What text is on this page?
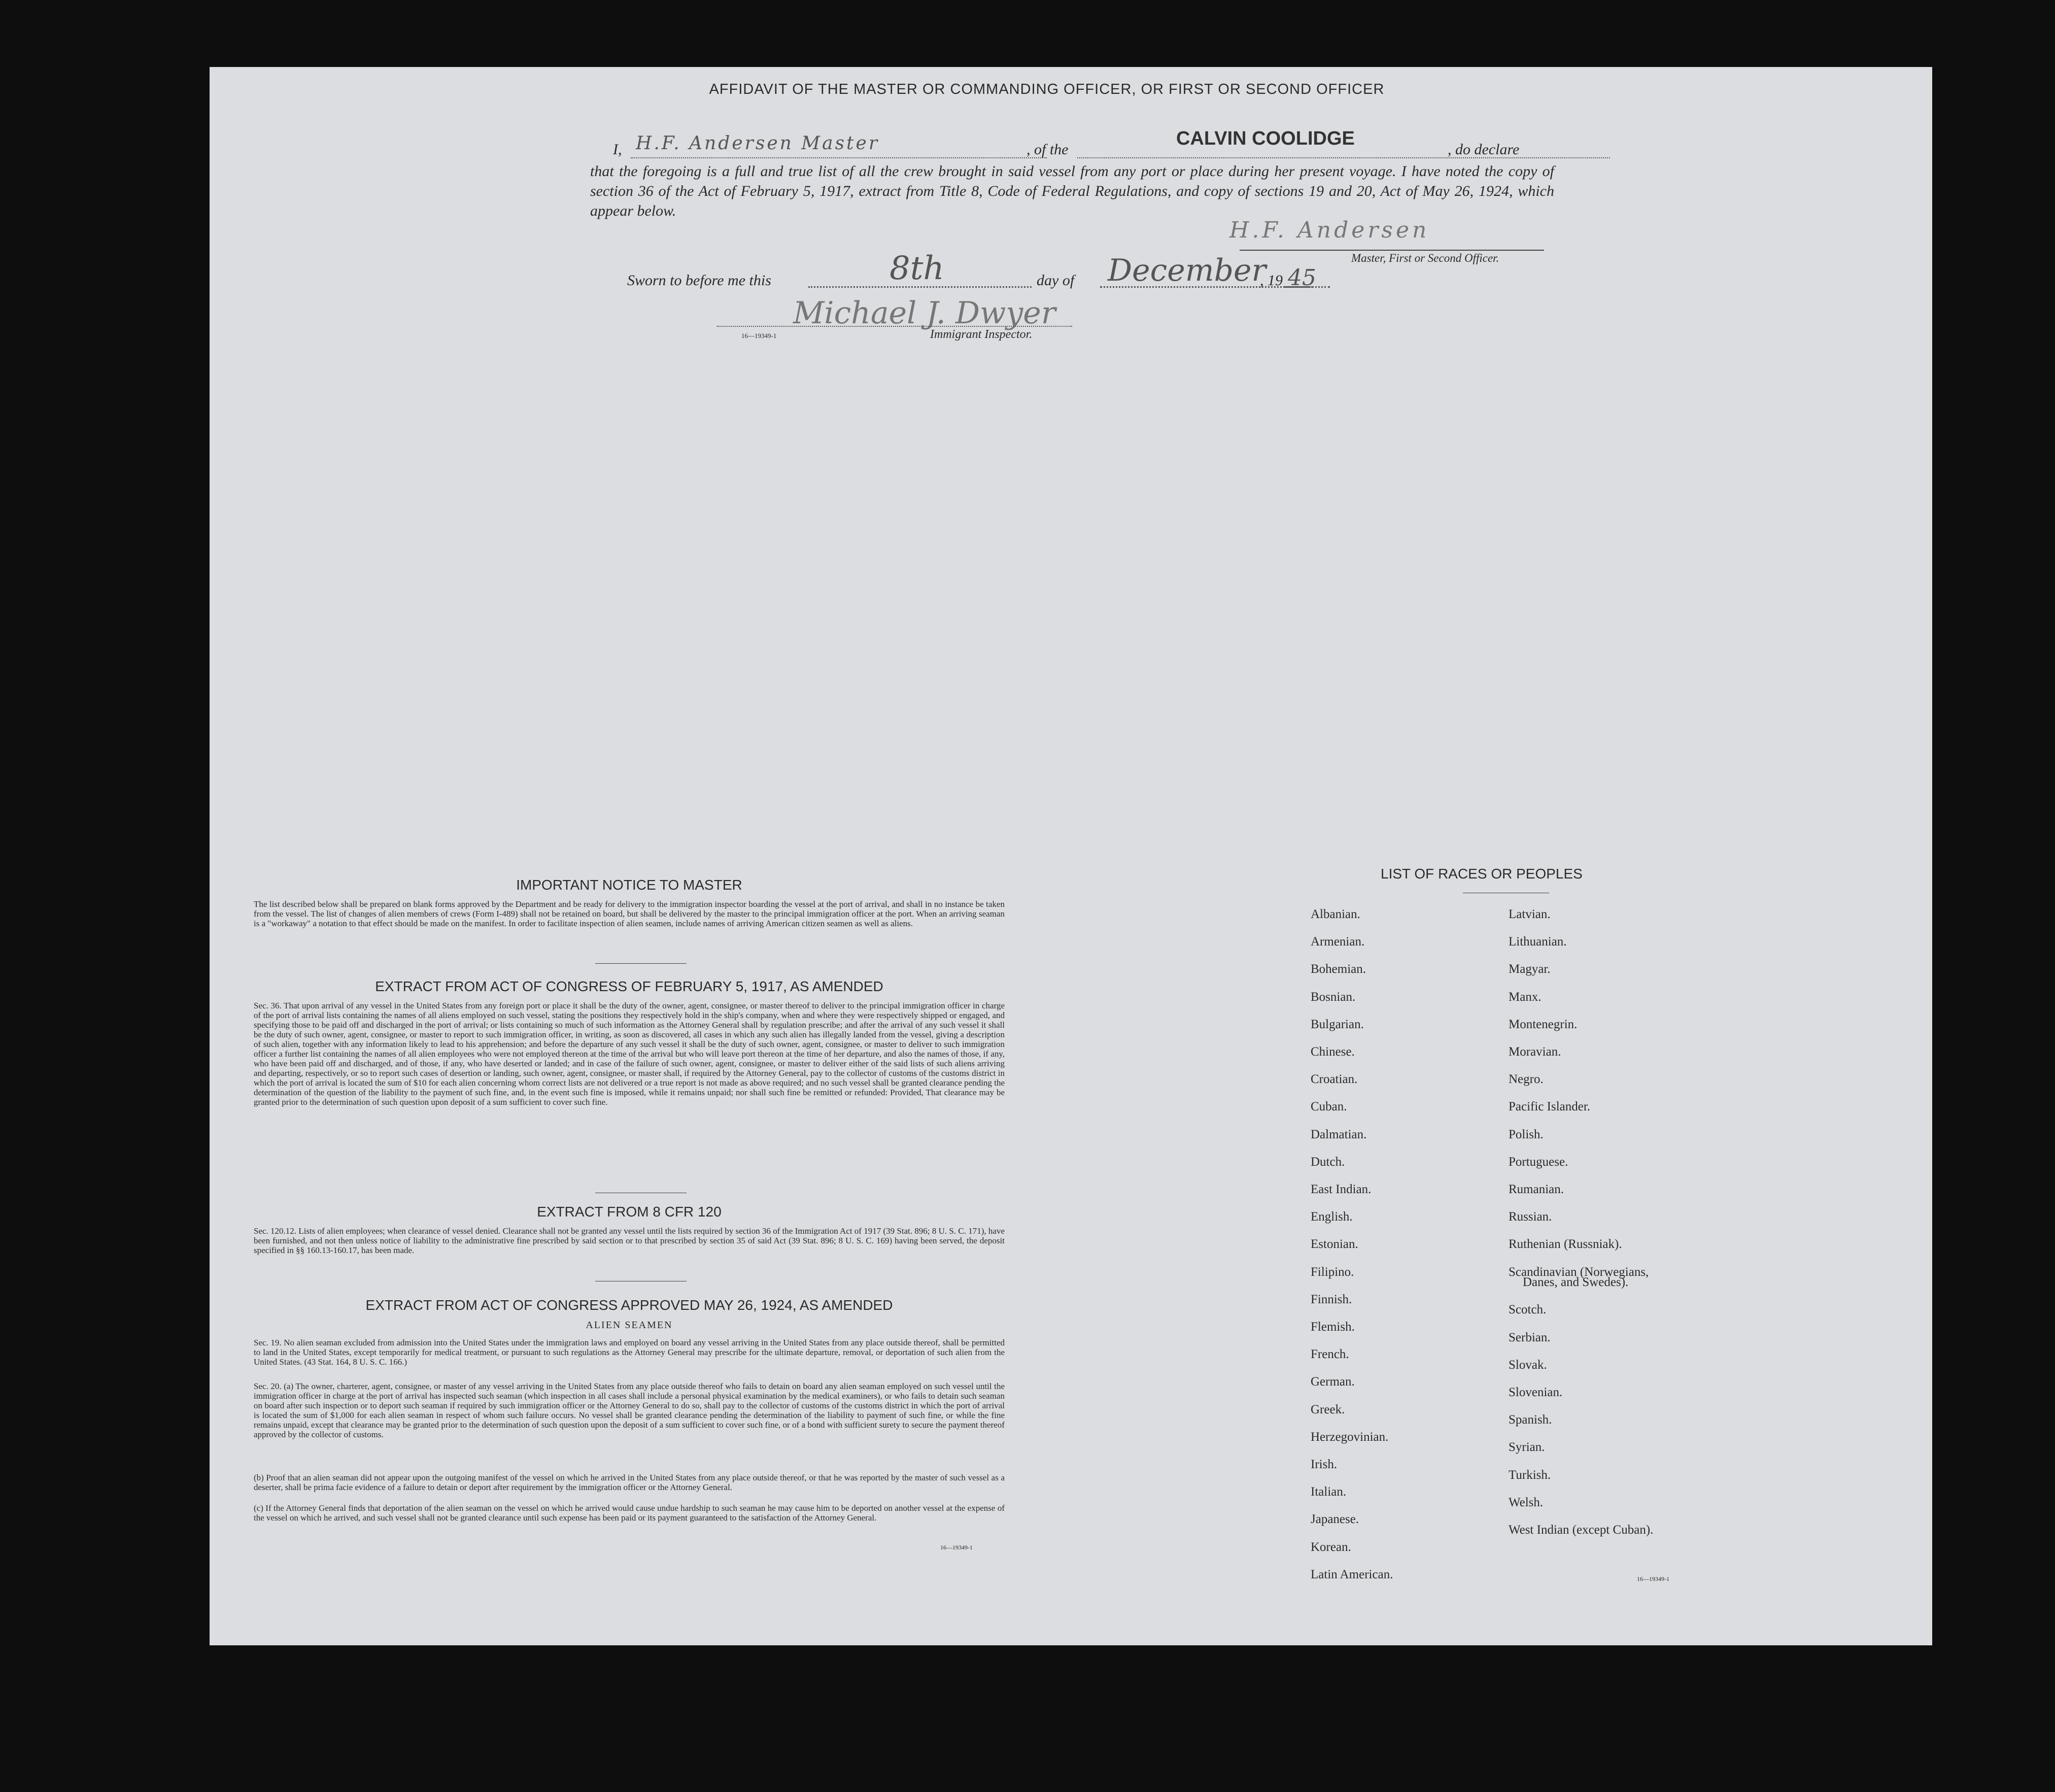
AFFIDAVIT OF THE MASTER OR COMMANDING OFFICER, OR FIRST OR SECOND OFFICER
I, H.F. Andersen Master	, of the
CALVIN COOLIDGE
, do declare
that the foregoing is a full and true list of all the crew brought in said vessel from any port or place during her present voyage. I have noted the copy of section 36 of the Act of February 5, 1917, extract from Title 8, Code of Federal Regulations, and copy of sections 19 and 20, Act of May 26, 1924, which appear below.
H.F. Andersen
Master, First or Second Officer.
Sworn to before me this	8th	day of December
, 19 45
Michael J. Dwyer
16—19349-1	Immigrant Inspector.
IMPORTANT NOTICE TO MASTER
The list described below shall be prepared on blank forms approved by the Department and be ready for delivery to the immigration inspector boarding the vessel at the port of arrival, and shall in no instance be taken from the vessel. The list of changes of alien members of crews (Form I-489) shall not be retained on board, but shall be delivered by the master to the principal immigration officer at the port. When an arriving seaman is a "workaway" a notation to that effect should be made on the manifest. In order to facilitate inspection of alien seamen, include names of arriving American citizen seamen as well as aliens.
EXTRACT FROM ACT OF CONGRESS OF FEBRUARY 5, 1917, AS AMENDED
Sec. 36. That upon arrival of any vessel in the United States from any foreign port or place it shall be the duty of the owner, agent, consignee, or master thereof to deliver to the principal immigration officer in charge of the port of arrival lists containing the names of all aliens employed on such vessel, stating the positions they respectively hold in the ship's company, when and where they were respectively shipped or engaged, and specifying those to be paid off and discharged in the port of arrival; or lists containing so much of such information as the Attorney General shall by regulation prescribe; and after the arrival of any such vessel it shall be the duty of such owner, agent, consignee, or master to report to such immigration officer, in writing, as soon as discovered, all cases in which any such alien has illegally landed from the vessel, giving a description of such alien, together with any information likely to lead to his apprehension; and before the departure of any such vessel it shall be the duty of such owner, agent, consignee, or master to deliver to such immigration officer a further list containing the names of all alien employees who were not employed thereon at the time of the arrival but who will leave port thereon at the time of her departure, and also the names of those, if any, who have been paid off and discharged, and of those, if any, who have deserted or landed; and in case of the failure of such owner, agent, consignee, or master to deliver either of the said lists of such aliens arriving and departing, respectively, or so to report such cases of desertion or landing, such owner, agent, consignee, or master shall, if required by the Attorney General, pay to the collector of customs of the customs district in which the port of arrival is located the sum of $10 for each alien concerning whom correct lists are not delivered or a true report is not made as above required; and no such vessel shall be granted clearance pending the determination of the question of the liability to the payment of such fine, and, in the event such fine is imposed, while it remains unpaid; nor shall such fine be remitted or refunded: Provided, That clearance may be granted prior to the determination of such question upon deposit of a sum sufficient to cover such fine.
EXTRACT FROM 8 CFR 120
Sec. 120.12. Lists of alien employees; when clearance of vessel denied. Clearance shall not be granted any vessel until the lists required by section 36 of the Immigration Act of 1917 (39 Stat. 896; 8 U. S. C. 171), have been furnished, and not then unless notice of liability to the administrative fine prescribed by said section or to that prescribed by section 35 of said Act (39 Stat. 896; 8 U. S. C. 169) having been served, the deposit specified in §§ 160.13-160.17, has been made.
EXTRACT FROM ACT OF CONGRESS APPROVED MAY 26, 1924, AS AMENDED
ALIEN SEAMEN
Sec. 19. No alien seaman excluded from admission into the United States under the immigration laws and employed on board any vessel arriving in the United States from any place outside thereof, shall be permitted to land in the United States, except temporarily for medical treatment, or pursuant to such regulations as the Attorney General may prescribe for the ultimate departure, removal, or deportation of such alien from the United States. (43 Stat. 164, 8 U. S. C. 166.)
Sec. 20. (a) The owner, charterer, agent, consignee, or master of any vessel arriving in the United States from any place outside thereof who fails to detain on board any alien seaman employed on such vessel until the immigration officer in charge at the port of arrival has inspected such seaman (which inspection in all cases shall include a personal physical examination by the medical examiners), or who fails to detain such seaman on board after such inspection or to deport such seaman if required by such immigration officer or the Attorney General to do so, shall pay to the collector of customs of the customs district in which the port of arrival is located the sum of $1,000 for each alien seaman in respect of whom such failure occurs. No vessel shall be granted clearance pending the determination of the liability to payment of such fine, or while the fine remains unpaid, except that clearance may be granted prior to the determination of such question upon the deposit of a sum sufficient to cover such fine, or of a bond with sufficient surety to secure the payment thereof approved by the collector of customs.
(b) Proof that an alien seaman did not appear upon the outgoing manifest of the vessel on which he arrived in the United States from any place outside thereof, or that he was reported by the master of such vessel as a deserter, shall be prima facie evidence of a failure to detain or deport after requirement by the immigration officer or the Attorney General.
(c) If the Attorney General finds that deportation of the alien seaman on the vessel on which he arrived would cause undue hardship to such seaman he may cause him to be deported on another vessel at the expense of the vessel on which he arrived, and such vessel shall not be granted clearance until such expense has been paid or its payment guaranteed to the satisfaction of the Attorney General.
16—19349-1
LIST OF RACES OR PEOPLES
16—19349-1
Albanian.
Armenian.
Bohemian.
Bosnian.
Bulgarian.
Chinese.
Croatian.
Cuban.
Dalmatian.
Dutch.
East Indian.
English.
Estonian.
Filipino.
Finnish.
Flemish.
French.
German.
Greek.
Herzegovinian.
Irish.
Italian.
Japanese.
Korean.
Latin American.
Latvian.
Lithuanian.
Magyar.
Manx.
Montenegrin.
Moravian.
Negro.
Pacific Islander.
Polish.
Portuguese.
Rumanian.
Russian.
Ruthenian (Russniak).
Scandinavian (Norwegians,
Danes, and Swedes).
Scotch.
Serbian.
Slovak.
Slovenian.
Spanish.
Syrian.
Turkish.
Welsh.
West Indian (except Cuban).
